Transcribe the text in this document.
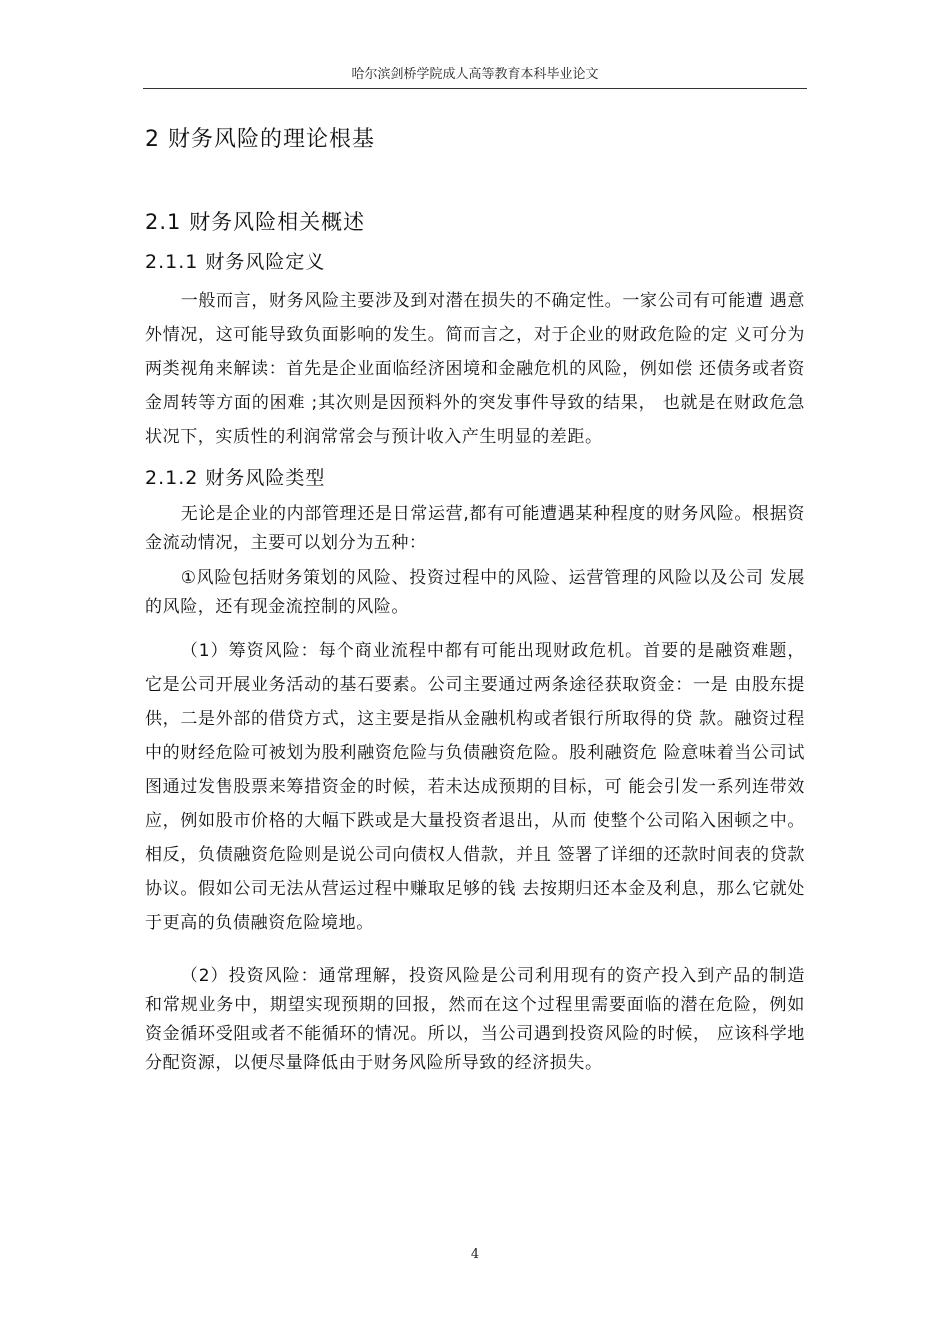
哈尔滨剑桥学院成人高等教育本科毕业论文
2 财务风险的理论根基
2.1 财务风险相关概述
2.1.1 财务风险定义

一般而言，财务风险主要涉及到对潜在损失的不确定性。一家公司有可能遭 遇意外情况，这可能导致负面影响的发生。简而言之，对于企业的财政危险的定 义可分为两类视角来解读：首先是企业面临经济困境和金融危机的风险，例如偿 还债务或者资金周转等方面的困难 ;其次则是因预料外的突发事件导致的结果， 也就是在财政危急状况下，实质性的利润常常会与预计收入产生明显的差距。

2.1.2 财务风险类型

无论是企业的内部管理还是日常运营,都有可能遭遇某种程度的财务风险。根据资金流动情况，主要可以划分为五种：

①风险包括财务策划的风险、投资过程中的风险、运营管理的风险以及公司 发展的风险，还有现金流控制的风险。

（1）筹资风险：每个商业流程中都有可能出现财政危机。首要的是融资难题，它是公司开展业务活动的基石要素。公司主要通过两条途径获取资金：一是 由股东提供，二是外部的借贷方式，这主要是指从金融机构或者银行所取得的贷 款。融资过程中的财经危险可被划为股利融资危险与负债融资危险。股利融资危 险意味着当公司试图通过发售股票来筹措资金的时候，若未达成预期的目标，可 能会引发一系列连带效应，例如股市价格的大幅下跌或是大量投资者退出，从而 使整个公司陷入困顿之中。相反，负债融资危险则是说公司向债权人借款，并且 签署了详细的还款时间表的贷款协议。假如公司无法从营运过程中赚取足够的钱 去按期归还本金及利息，那么它就处于更高的负债融资危险境地。

（2）投资风险：通常理解，投资风险是公司利用现有的资产投入到产品的制造和常规业务中，期望实现预期的回报，然而在这个过程里需要面临的潜在危险，例如资金循环受阻或者不能循环的情况。所以，当公司遇到投资风险的时候， 应该科学地分配资源，以便尽量降低由于财务风险所导致的经济损失。

4
